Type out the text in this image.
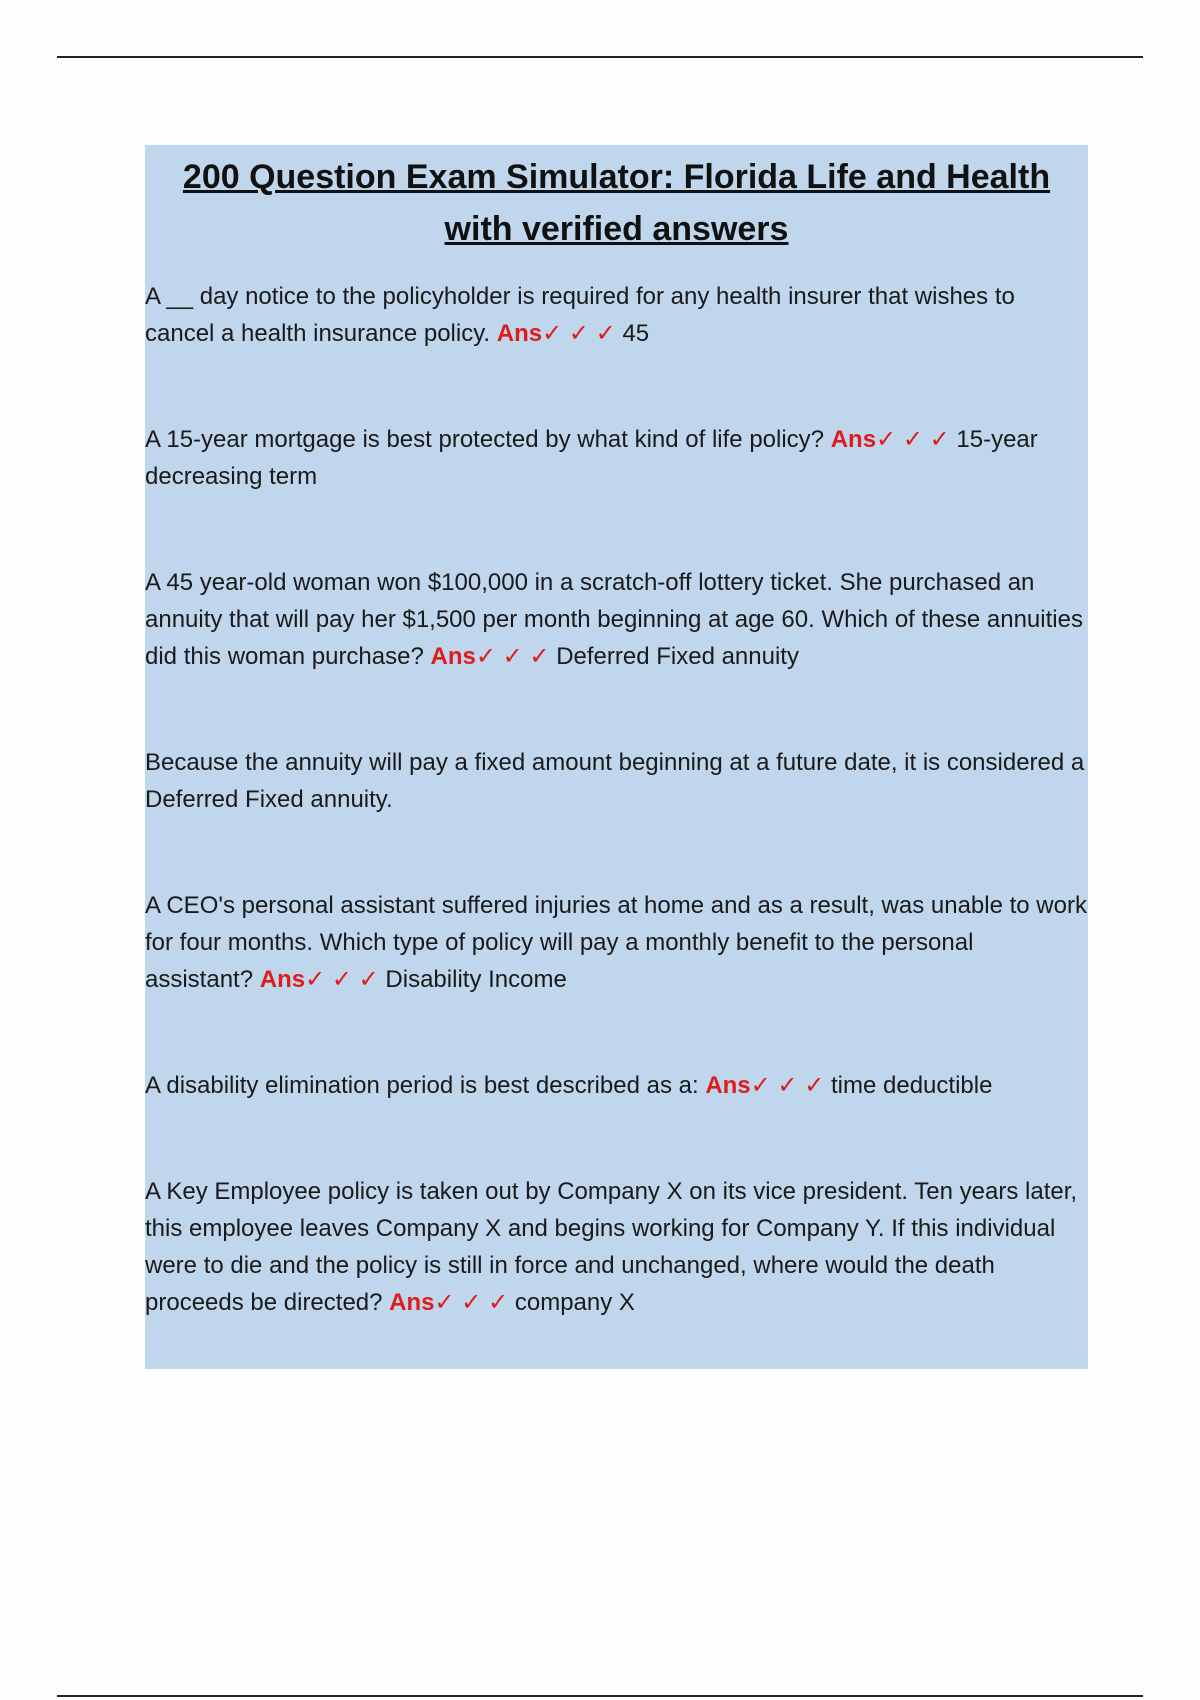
200 Question Exam Simulator: Florida Life and Health
with verified answers

A __ day notice to the policyholder is required for any health insurer that wishes to cancel a health insurance policy. Ans✓ ✓ ✓ 45

A 15-year mortgage is best protected by what kind of life policy? Ans✓ ✓ ✓ 15-year decreasing term

A 45 year-old woman won $100,000 in a scratch-off lottery ticket. She purchased an annuity that will pay her $1,500 per month beginning at age 60. Which of these annuities did this woman purchase? Ans✓ ✓ ✓ Deferred Fixed annuity

Because the annuity will pay a fixed amount beginning at a future date, it is considered a Deferred Fixed annuity.

A CEO's personal assistant suffered injuries at home and as a result, was unable to work for four months. Which type of policy will pay a monthly benefit to the personal assistant? Ans✓ ✓ ✓ Disability Income

A disability elimination period is best described as a: Ans✓ ✓ ✓ time deductible

A Key Employee policy is taken out by Company X on its vice president. Ten years later, this employee leaves Company X and begins working for Company Y. If this individual were to die and the policy is still in force and unchanged, where would the death proceeds be directed? Ans✓ ✓ ✓ company X
